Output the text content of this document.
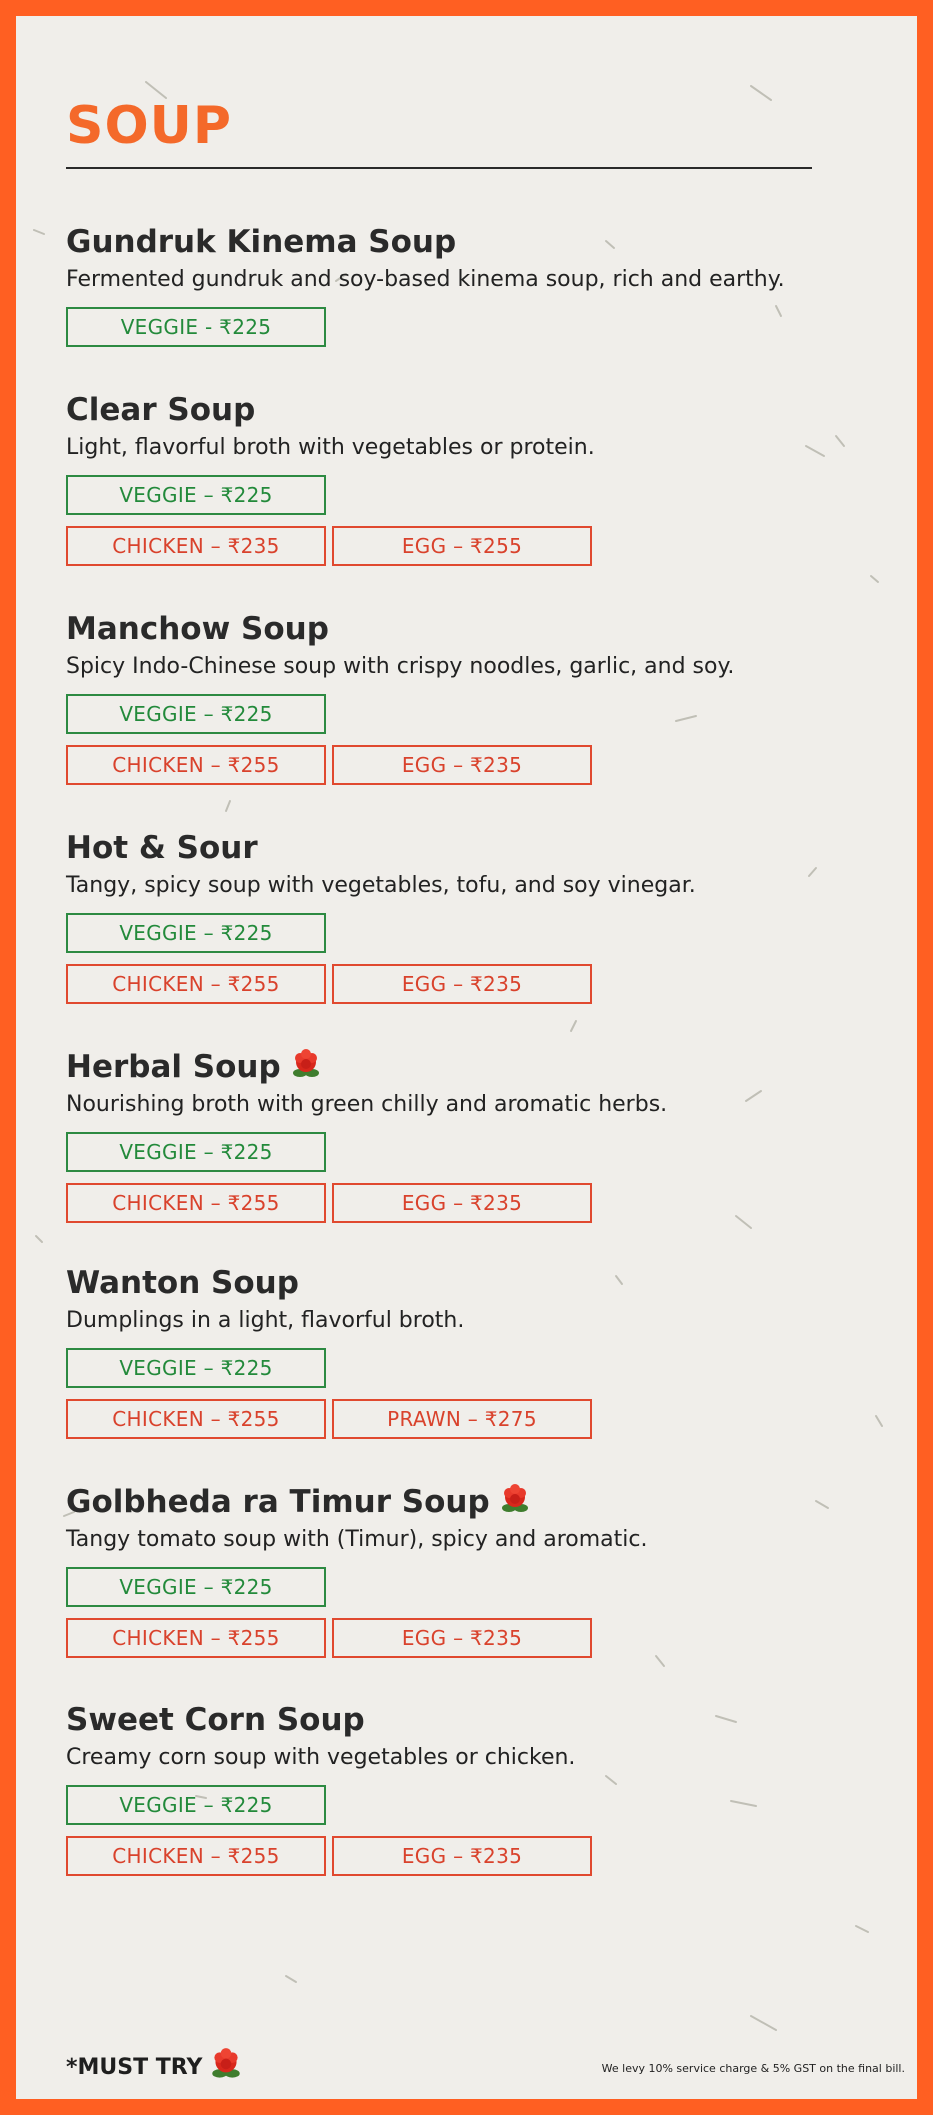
SOUP
Gundruk Kinema Soup

Fermented gundruk and soy-based kinema soup, rich and earthy.

VEGGIE - ₹225
Clear Soup

Light, flavorful broth with vegetables or protein.

VEGGIE – ₹225
CHICKEN – ₹235	EGG – ₹255
Manchow Soup

Spicy Indo-Chinese soup with crispy noodles, garlic, and soy.

VEGGIE – ₹225
CHICKEN – ₹255	EGG – ₹235
Hot & Sour

Tangy, spicy soup with vegetables, tofu, and soy vinegar.

VEGGIE – ₹225
CHICKEN – ₹255	EGG – ₹235
Herbal Soup

Nourishing broth with green chilly and aromatic herbs.

VEGGIE – ₹225
CHICKEN – ₹255	EGG – ₹235
Wanton Soup

Dumplings in a light, flavorful broth.

VEGGIE – ₹225
CHICKEN – ₹255	PRAWN – ₹275
Golbheda ra Timur Soup

Tangy tomato soup with (Timur), spicy and aromatic.

VEGGIE – ₹225
CHICKEN – ₹255	EGG – ₹235
Sweet Corn Soup

Creamy corn soup with vegetables or chicken.

VEGGIE – ₹225
CHICKEN – ₹255	EGG – ₹235
*MUST TRY	We levy 10% service charge & 5% GST on the final bill.
